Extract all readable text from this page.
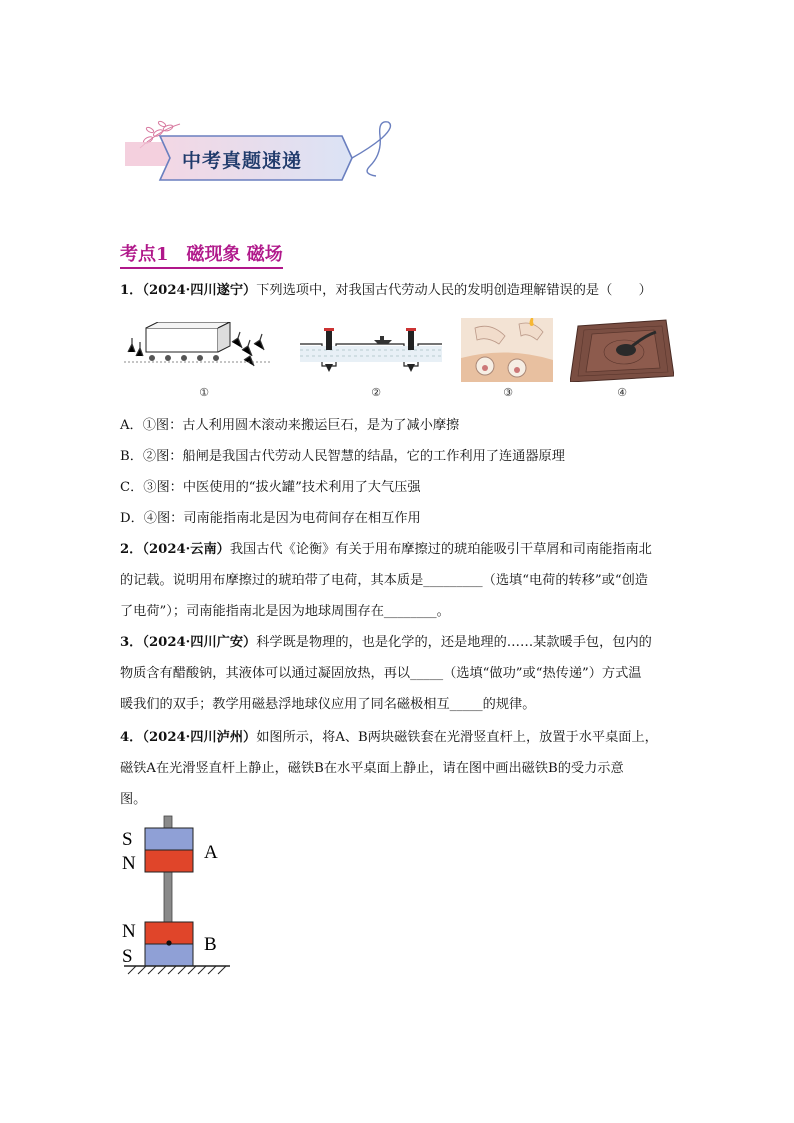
中考真题速递
考点1　磁现象 磁场
1．（2024·四川遂宁）下列选项中，对我国古代劳动人民的发明创造理解错误的是（　　）
①	②	③	④
A．①图：古人利用圆木滚动来搬运巨石，是为了减小摩擦
B．②图：船闸是我国古代劳动人民智慧的结晶，它的工作利用了连通器原理
C．③图：中医使用的“拔火罐”技术利用了大气压强
D．④图：司南能指南北是因为电荷间存在相互作用
2．（2024·云南）我国古代《论衡》有关于用布摩擦过的琥珀能吸引干草屑和司南能指南北
的记载。说明用布摩擦过的琥珀带了电荷，其本质是_________（选填“电荷的转移”或“创造
了电荷”）；司南能指南北是因为地球周围存在________。
3．（2024·四川广安）科学既是物理的，也是化学的，还是地理的……某款暖手包，包内的
物质含有醋酸钠，其液体可以通过凝固放热，再以_____（选填“做功”或“热传递”）方式温
暖我们的双手；教学用磁悬浮地球仪应用了同名磁极相互_____的规律。
4．（2024·四川泸州）如图所示，将A、B两块磁铁套在光滑竖直杆上，放置于水平桌面上，
磁铁A在光滑竖直杆上静止，磁铁B在水平桌面上静止，请在图中画出磁铁B的受力示意
图。
S
N
A
N
S
B
